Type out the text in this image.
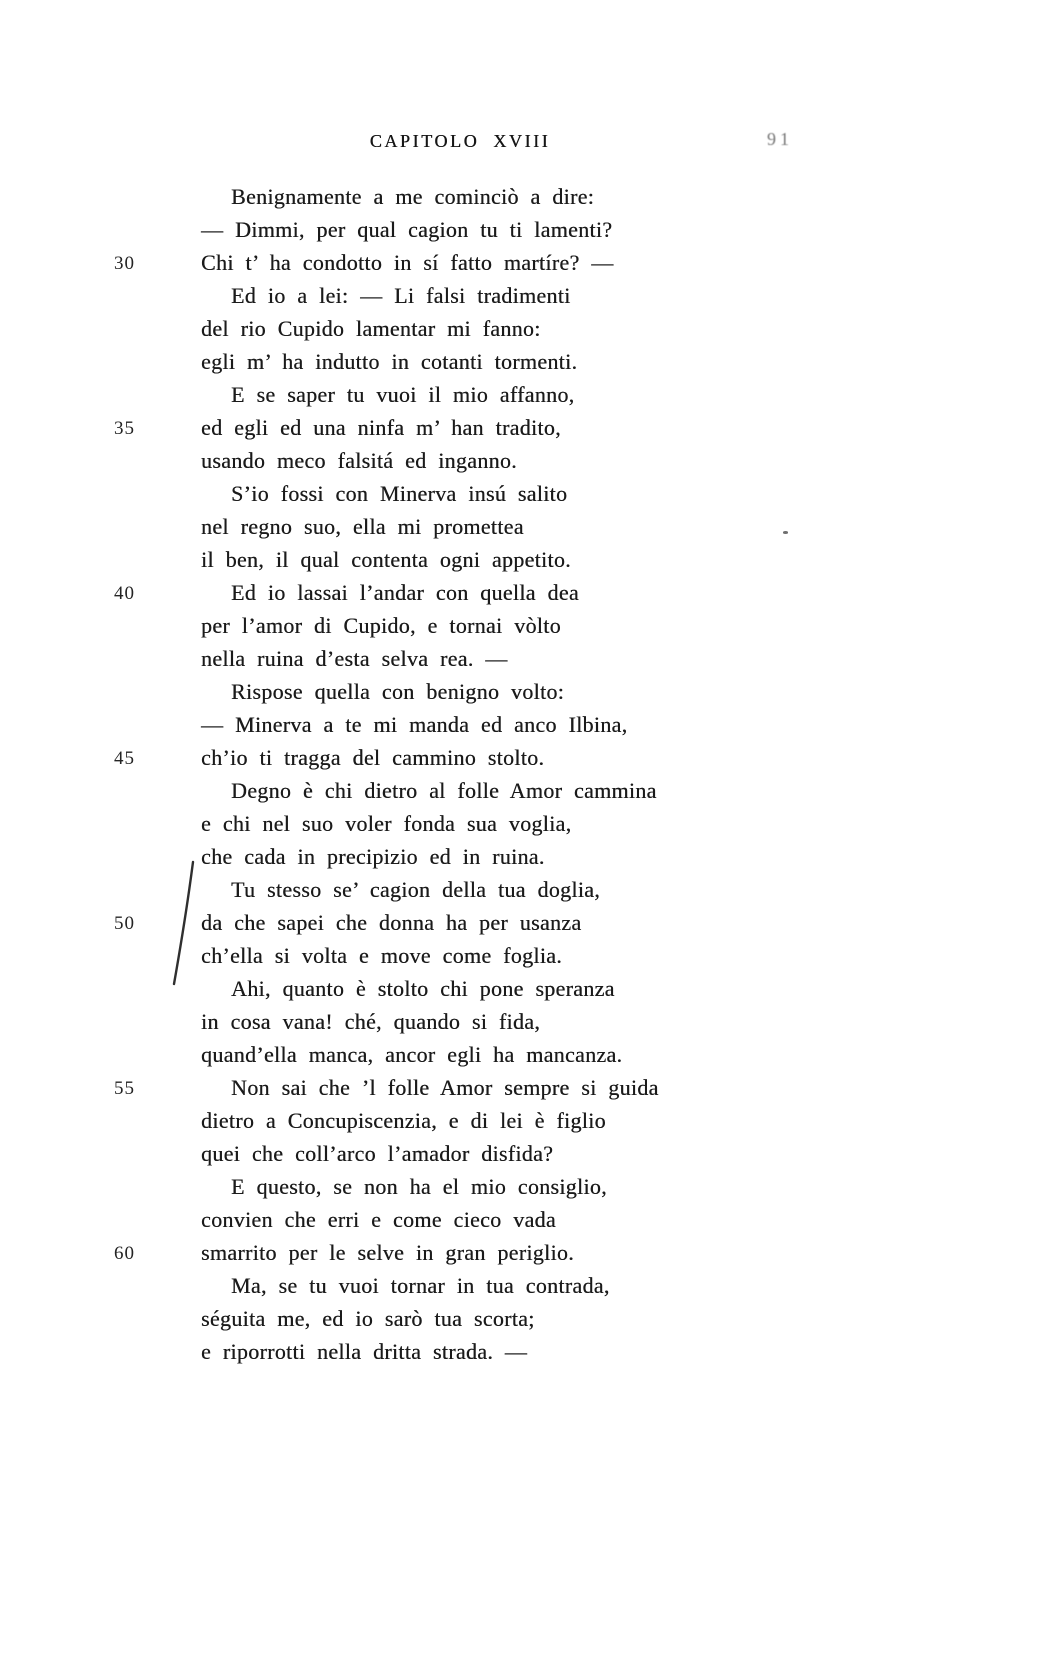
CAPITOLO XVIII	91
Benignamente a me cominciò a dire:
— Dimmi, per qual cagion tu ti lamenti?
30	Chi t’ ha condotto in sí fatto martíre? —
Ed io a lei: — Li falsi tradimenti
del rio Cupido lamentar mi fanno:
egli m’ ha indutto in cotanti tormenti.
E se saper tu vuoi il mio affanno,
35	ed egli ed una ninfa m’ han tradito,
usando meco falsitá ed inganno.
S’io fossi con Minerva insú salito
nel regno suo, ella mi promettea
il ben, il qual contenta ogni appetito.
40	Ed io lassai l’andar con quella dea
per l’amor di Cupido, e tornai vòlto
nella ruina d’esta selva rea. —
Rispose quella con benigno volto:
— Minerva a te mi manda ed anco Ilbina,
45	ch’io ti tragga del cammino stolto.
Degno è chi dietro al folle Amor cammina
e chi nel suo voler fonda sua voglia,
che cada in precipizio ed in ruina.
Tu stesso se’ cagion della tua doglia,
50	da che sapei che donna ha per usanza
ch’ella si volta e move come foglia.
Ahi, quanto è stolto chi pone speranza
in cosa vana! ché, quando si fida,
quand’ella manca, ancor egli ha mancanza.
55	Non sai che ’l folle Amor sempre si guida
dietro a Concupiscenzia, e di lei è figlio
quei che coll’arco l’amador disfida?
E questo, se non ha el mio consiglio,
convien che erri e come cieco vada
60	smarrito per le selve in gran periglio.
Ma, se tu vuoi tornar in tua contrada,
séguita me, ed io sarò tua scorta;
e riporrotti nella dritta strada. —
